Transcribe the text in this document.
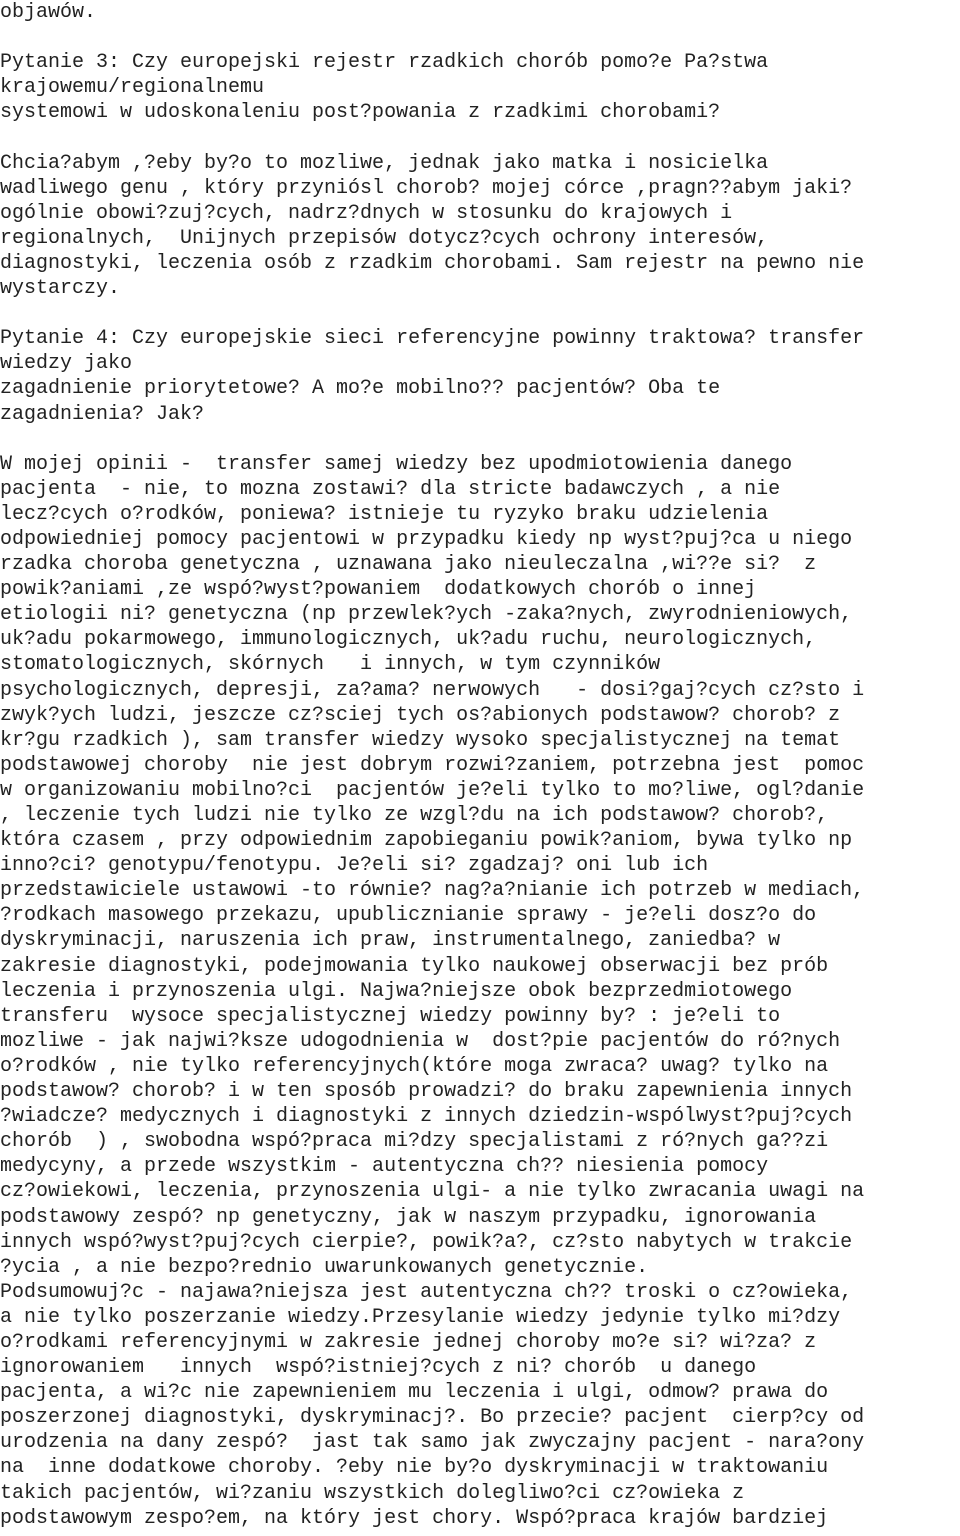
objawów.
Pytanie 3: Czy europejski rejestr rzadkich chorób pomo?e Pa?stwa
krajowemu/regionalnemu
systemowi w udoskonaleniu post?powania z rzadkimi chorobami?
Chcia?abym ,?eby by?o to mozliwe, jednak jako matka i nosicielka
wadliwego genu , który przyniósl chorob? mojej córce ,pragn??abym jaki?
ogólnie obowi?zuj?cych, nadrz?dnych w stosunku do krajowych i
regionalnych,  Unijnych przepisów dotycz?cych ochrony interesów,
diagnostyki, leczenia osób z rzadkim chorobami. Sam rejestr na pewno nie
wystarczy.
Pytanie 4: Czy europejskie sieci referencyjne powinny traktowa? transfer
wiedzy jako
zagadnienie priorytetowe? A mo?e mobilno?? pacjentów? Oba te
zagadnienia? Jak?
W mojej opinii -  transfer samej wiedzy bez upodmiotowienia danego
pacjenta  - nie, to mozna zostawi? dla stricte badawczych , a nie
lecz?cych o?rodków, poniewa? istnieje tu ryzyko braku udzielenia
odpowiedniej pomocy pacjentowi w przypadku kiedy np wyst?puj?ca u niego
rzadka choroba genetyczna , uznawana jako nieuleczalna ,wi??e si?  z
powik?aniami ,ze wspó?wyst?powaniem  dodatkowych chorób o innej
etiologii ni? genetyczna (np przewlek?ych -zaka?nych, zwyrodnieniowych,
uk?adu pokarmowego, immunologicznych, uk?adu ruchu, neurologicznych,
stomatologicznych, skórnych   i innych, w tym czynników
psychologicznych, depresji, za?ama? nerwowych   - dosi?gaj?cych cz?sto i
zwyk?ych ludzi, jeszcze cz?sciej tych os?abionych podstawow? chorob? z
kr?gu rzadkich ), sam transfer wiedzy wysoko specjalistycznej na temat
podstawowej choroby  nie jest dobrym rozwi?zaniem, potrzebna jest  pomoc
w organizowaniu mobilno?ci  pacjentów je?eli tylko to mo?liwe, ogl?danie
, leczenie tych ludzi nie tylko ze wzgl?du na ich podstawow? chorob?,
która czasem , przy odpowiednim zapobieganiu powik?aniom, bywa tylko np
inno?ci? genotypu/fenotypu. Je?eli si? zgadzaj? oni lub ich
przedstawiciele ustawowi -to równie? nag?a?nianie ich potrzeb w mediach,
?rodkach masowego przekazu, upublicznianie sprawy - je?eli dosz?o do
dyskryminacji, naruszenia ich praw, instrumentalnego, zaniedba? w
zakresie diagnostyki, podejmowania tylko naukowej obserwacji bez prób
leczenia i przynoszenia ulgi. Najwa?niejsze obok bezprzedmiotowego
transferu  wysoce specjalistycznej wiedzy powinny by? : je?eli to
mozliwe - jak najwi?ksze udogodnienia w  dost?pie pacjentów do ró?nych
o?rodków , nie tylko referencyjnych(które moga zwraca? uwag? tylko na
podstawow? chorob? i w ten sposób prowadzi? do braku zapewnienia innych
?wiadcze? medycznych i diagnostyki z innych dziedzin-wspólwyst?puj?cych
chorób  ) , swobodna wspó?praca mi?dzy specjalistami z ró?nych ga??zi
medycyny, a przede wszystkim - autentyczna ch?? niesienia pomocy
cz?owiekowi, leczenia, przynoszenia ulgi- a nie tylko zwracania uwagi na
podstawowy zespó? np genetyczny, jak w naszym przypadku, ignorowania
innych wspó?wyst?puj?cych cierpie?, powik?a?, cz?sto nabytych w trakcie
?ycia , a nie bezpo?rednio uwarunkowanych genetycznie.
Podsumowuj?c - najawa?niejsza jest autentyczna ch?? troski o cz?owieka,
a nie tylko poszerzanie wiedzy.Przesylanie wiedzy jedynie tylko mi?dzy
o?rodkami referencyjnymi w zakresie jednej choroby mo?e si? wi?za? z
ignorowaniem   innych  wspó?istniej?cych z ni? chorób  u danego
pacjenta, a wi?c nie zapewnieniem mu leczenia i ulgi, odmow? prawa do
poszerzonej diagnostyki, dyskryminacj?. Bo przecie? pacjent  cierp?cy od
urodzenia na dany zespó?  jast tak samo jak zwyczajny pacjent - nara?ony
na  inne dodatkowe choroby. ?eby nie by?o dyskryminacji w traktowaniu
takich pacjentów, wi?zaniu wszystkich dolegliwo?ci cz?owieka z
podstawowym zespo?em, na który jest chory. Wspó?praca krajów bardziej
